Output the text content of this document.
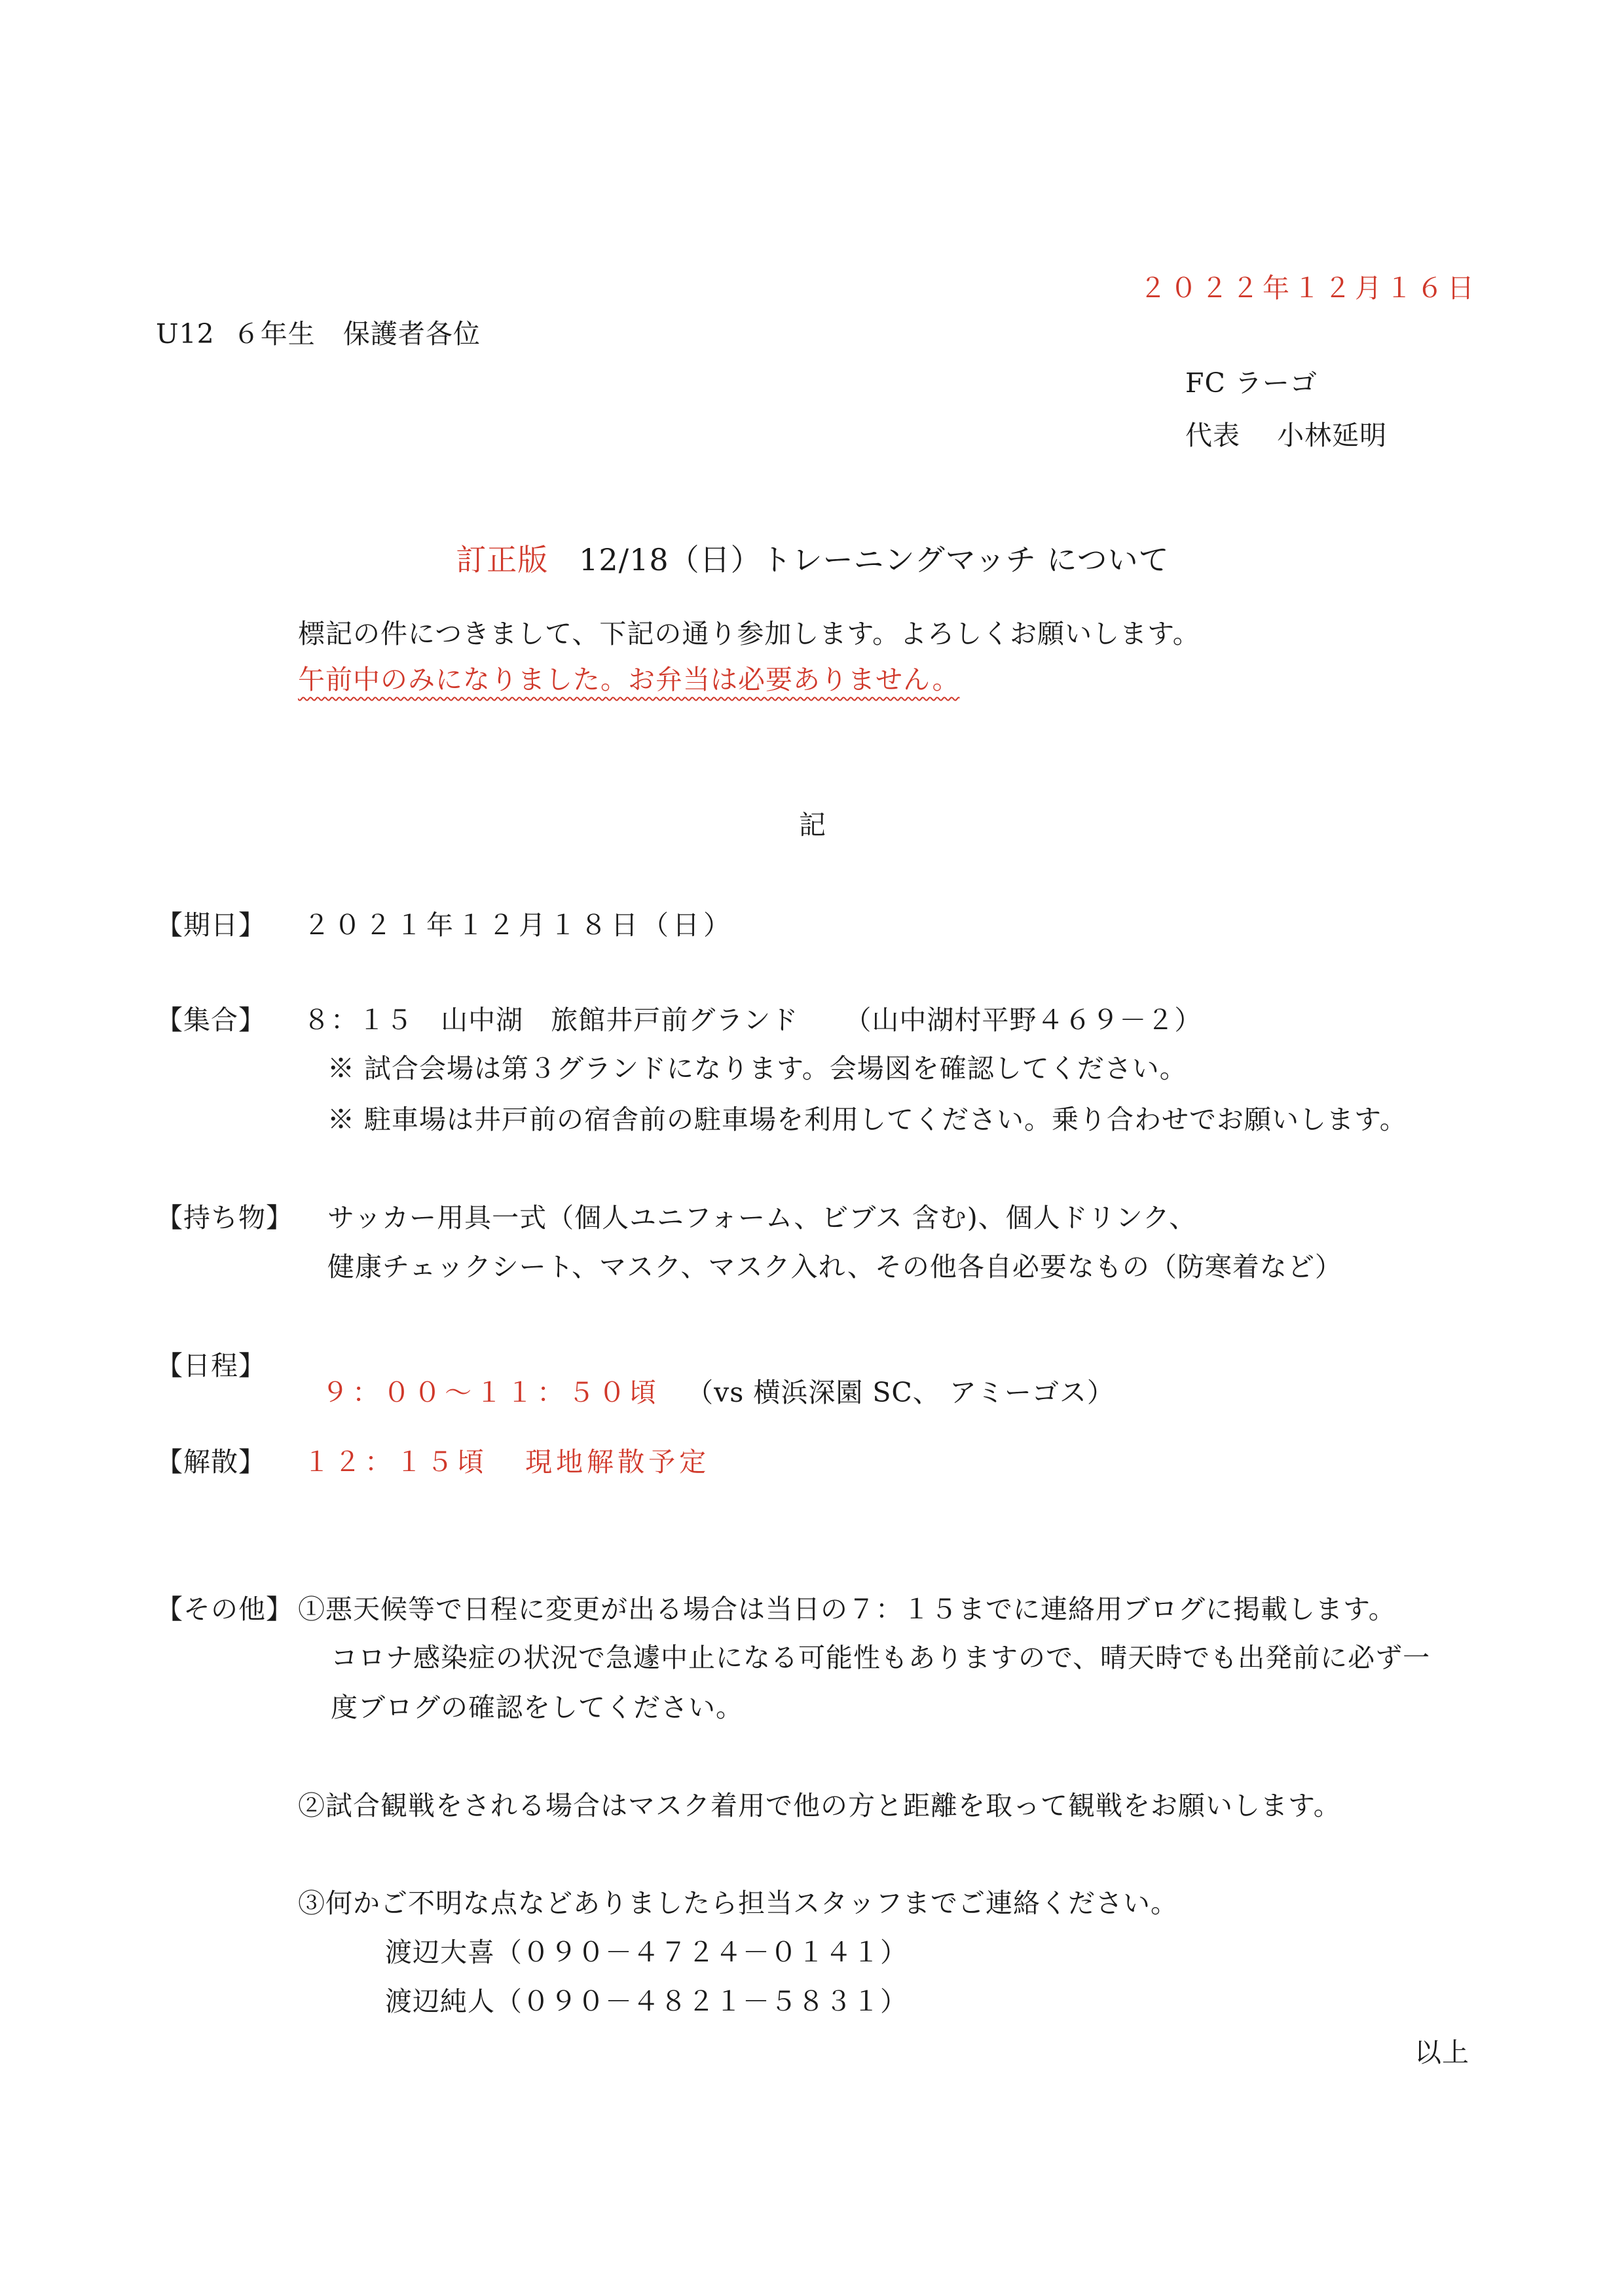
２０２２年１２月１６日
U12  ６年生   保護者各位
FC ラーゴ
代表    小林延明

訂正版   12/18（日）トレーニングマッチ について

標記の件につきまして、下記の通り参加します。よろしくお願いします。
午前中のみになりました。お弁当は必要ありません。
記
【期日】 ２０２１年１２月１８日（日）
【集合】 ８：１５   山中湖   旅館井戸前グランド     （山中湖村平野４６９－２）
※ 試合会場は第３グランドになります。会場図を確認してください。
※ 駐車場は井戸前の宿舎前の駐車場を利用してください。乗り合わせでお願いします。
【持ち物】 サッカー用具一式（個人ユニフォーム、ビブス 含む)、個人ドリンク、
健康チェックシート、マスク、マスク入れ、その他各自必要なもの（防寒着など）
【日程】

９：００～１１：５０頃 （vs 横浜深園 SC、 アミーゴス）

【解散】 １２：１５頃   現地解散予定
【その他】 ①悪天候等で日程に変更が出る場合は当日の７：１５までに連絡用ブログに掲載します。
コロナ感染症の状況で急遽中止になる可能性もありますので、晴天時でも出発前に必ず一
度ブログの確認をしてください。
②試合観戦をされる場合はマスク着用で他の方と距離を取って観戦をお願いします。
③何かご不明な点などありましたら担当スタッフまでご連絡ください。
渡辺大喜（０９０－４７２４－０１４１）
渡辺純人（０９０－４８２１－５８３１）
以上
